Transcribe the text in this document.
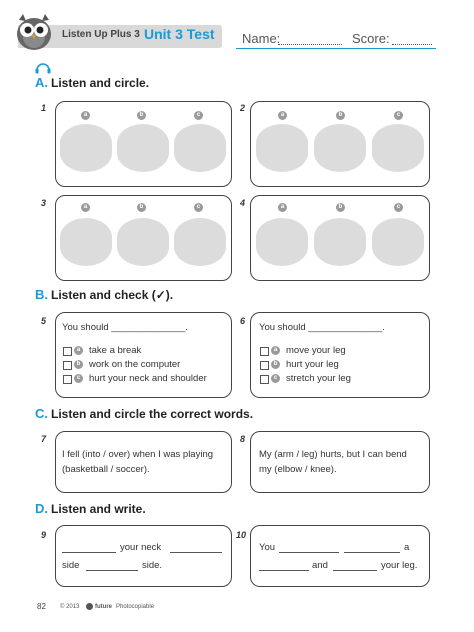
Listen Up Plus 3 Unit 3 Test Name:	Score:
A. Listen and circle.
1
a	b	c
2
a	b	c
3	a	b	c	4	a	b	c
B. Listen and check (✓).
5
You should ______________.
a take a break
b work on the computer
c hurt your neck and shoulder
6
You should ______________.
a move your leg
b hurt your leg
c stretch your leg
C. Listen and circle the correct words.
7
I fell (into / over) when I was playing
(basketball / soccer).
8
My (arm / leg) hurts, but I can bend
my (elbow / knee).
D. Listen and write.
9
your neck
side	side.
10
You	a
and	your leg.
82 © 2013	future Photocopiable
